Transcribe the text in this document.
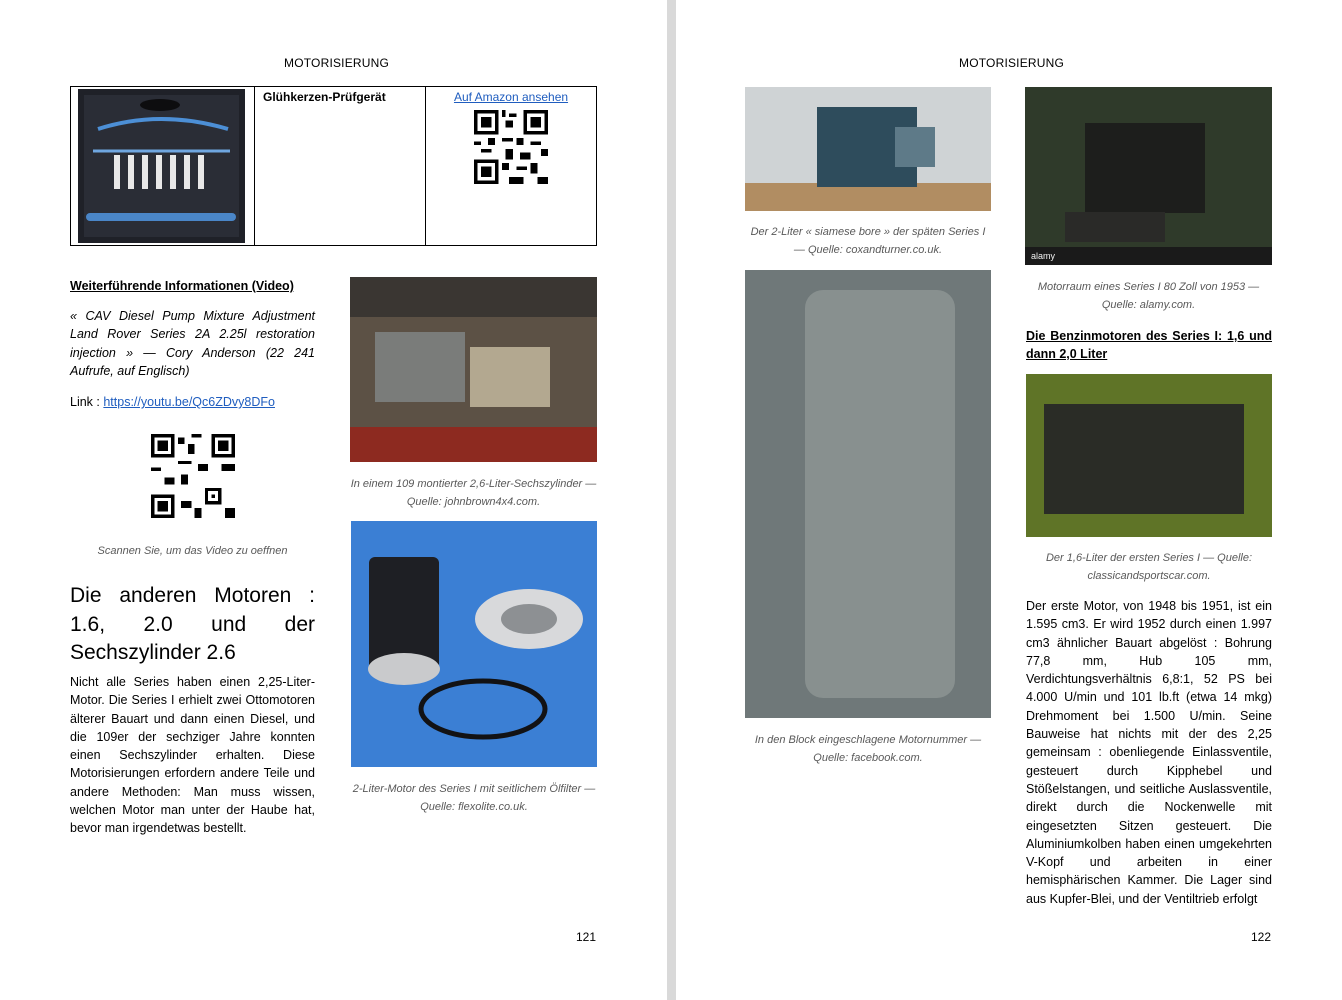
MOTORISIERUNG
	Glühkerzen-Prüfgerät	Auf Amazon ansehen
Weiterführende Informationen (Video)
« CAV Diesel Pump Mixture Adjustment Land Rover Series 2A 2.25l restoration injection » — Cory Anderson (22 241 Aufrufe, auf Englisch)
Link : https://youtu.be/Qc6ZDvy8DFo
Scannen Sie, um das Video zu oeffnen
Die anderen Motoren :
1.6, 2.0 und der
Sechszylinder 2.6
Nicht alle Series haben einen 2,25-Liter-Motor. Die Series I erhielt zwei Ottomotoren älterer Bauart und dann einen Diesel, und die 109er der sechziger Jahre konnten einen Sechszylinder erhalten. Diese Motorisierungen erfordern andere Teile und andere Methoden: Man muss wissen, welchen Motor man unter der Haube hat, bevor man irgendetwas bestellt.
In einem 109 montierter 2,6-Liter-Sechszylinder — Quelle: johnbrown4x4.com.
2-Liter-Motor des Series I mit seitlichem Ölfilter — Quelle: flexolite.co.uk.
121
MOTORISIERUNG
Der 2-Liter « siamese bore » der späten Series I — Quelle: coxandturner.co.uk.
In den Block eingeschlagene Motornummer — Quelle: facebook.com.
alamy
Motorraum eines Series I 80 Zoll von 1953 — Quelle: alamy.com.
Die Benzinmotoren des Series I: 1,6 und dann 2,0 Liter
Der 1,6-Liter der ersten Series I — Quelle: classicandsportscar.com.
Der erste Motor, von 1948 bis 1951, ist ein 1.595 cm3. Er wird 1952 durch einen 1.997 cm3 ähnlicher Bauart abgelöst : Bohrung 77,8 mm, Hub 105 mm, Verdichtungsverhältnis 6,8:1, 52 PS bei 4.000 U/min und 101 lb.ft (etwa 14 mkg) Drehmoment bei 1.500 U/min. Seine Bauweise hat nichts mit der des 2,25 gemeinsam : obenliegende Einlassventile, gesteuert durch Kipphebel und Stößelstangen, und seitliche Auslassventile, direkt durch die Nockenwelle mit eingesetzten Sitzen gesteuert. Die Aluminiumkolben haben einen umgekehrten V-Kopf und arbeiten in einer hemisphärischen Kammer. Die Lager sind aus Kupfer-Blei, und der Ventiltrieb erfolgt
122
